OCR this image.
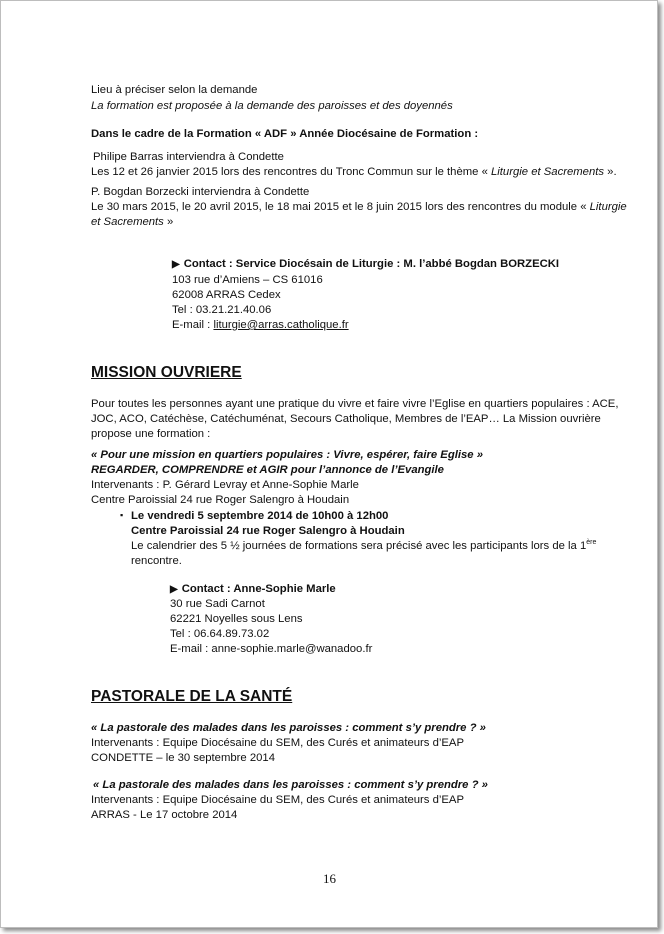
Lieu à préciser selon la demande
La formation est proposée à la demande des paroisses et des doyennés
Dans le cadre de la Formation « ADF » Année Diocésaine de Formation :
Philipe Barras interviendra à Condette
Les 12 et 26 janvier 2015 lors des rencontres du Tronc Commun sur le thème « Liturgie et Sacrements ».
P. Bogdan Borzecki interviendra à Condette
Le 30 mars 2015, le 20 avril 2015, le 18 mai 2015 et le 8 juin 2015 lors des rencontres du module « Liturgie
et Sacrements »
▶ Contact : Service Diocésain de Liturgie : M. l’abbé Bogdan BORZECKI
103 rue d’Amiens – CS 61016
62008 ARRAS Cedex
Tel : 03.21.21.40.06
E-mail : liturgie@arras.catholique.fr
MISSION OUVRIERE
Pour toutes les personnes ayant une pratique du vivre et faire vivre l’Eglise en quartiers populaires : ACE,
JOC, ACO, Catéchèse, Catéchuménat, Secours Catholique, Membres de l’EAP… La Mission ouvrière
propose une formation :
« Pour une mission en quartiers populaires : Vivre, espérer, faire Eglise »
REGARDER, COMPRENDRE et AGIR pour l’annonce de l’Evangile
Intervenants : P. Gérard Levray et Anne-Sophie Marle
Centre Paroissial 24 rue Roger Salengro à Houdain
▪ Le vendredi 5 septembre 2014 de 10h00 à 12h00
Centre Paroissial 24 rue Roger Salengro à Houdain
Le calendrier des 5 ½ journées de formations sera précisé avec les participants lors de la 1ère
rencontre.
▶ Contact : Anne-Sophie Marle
30 rue Sadi Carnot
62221 Noyelles sous Lens
Tel : 06.64.89.73.02
E-mail : anne-sophie.marle@wanadoo.fr
PASTORALE DE LA SANTÉ
« La pastorale des malades dans les paroisses : comment s’y prendre ? »
Intervenants : Equipe Diocésaine du SEM, des Curés et animateurs d’EAP
CONDETTE – le 30 septembre 2014
« La pastorale des malades dans les paroisses : comment s’y prendre ? »
Intervenants : Equipe Diocésaine du SEM, des Curés et animateurs d’EAP
ARRAS - Le 17 octobre 2014
16
